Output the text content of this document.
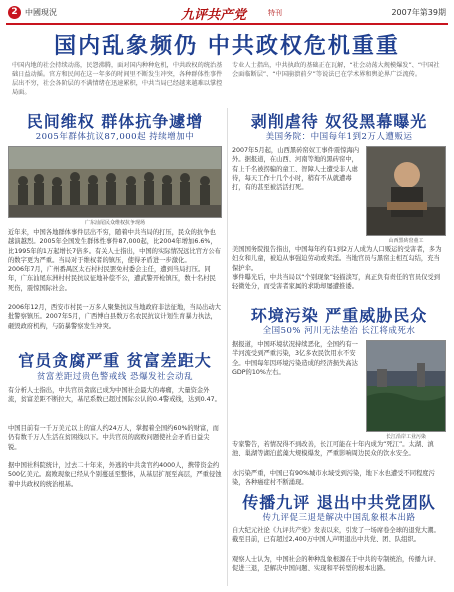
2 中國現況	九评共产党	特刊	2007年第39期
国内乱象频仍 中共政权危机重重
中国内地的社会持续动荡，民怨沸腾，面对国内种种危机，中共政权的统治基础日益动摇。官方和民间在这一年多的时间里不断发生冲突，各种群体性事件层出不穷，社会各阶层的不满情绪在迅速累积，中共当局已经越来越难以掌控局面。
专业人士指出，中共执政的基础正在瓦解，“社会动荡大规模爆发”、“中国社会面临断层”、“中国崩溃前夕”等说法已在学术界和舆论界广泛流传。
民间维权 群体抗争遽增
2005年群体抗议87,000起 持续增加中
广东汕尾民众维权抗争现场
近年来，中国各地群体事件层出不穷，随着中共当局的打压，民众的抗争也越演越烈。2005年全国发生群体性事件87,000起，比2004年增加6.6%，比1995年的1万起增长7倍多。有关人士指出，中国的实际情况远比官方公布的数字更为严重。当局对于维权者的镇压，使得矛盾进一步激化。
2006年7月，广州番禺区太石村村民罢免村委会主任，遭到当局打压。同年，广东汕尾东洲村村民抗议征地补偿不公，遭武警开枪镇压，数十名村民死伤，震惊国际社会。
2006年12月，西安市村民一万多人聚集抗议当地政府非法征地，当局出动大批警察镇压。2007年5月，广西博白县数万名农民抗议计划生育暴力执法，砸毁政府机构，与防暴警察发生冲突。
官员贪腐严重 贫富差距大
贫富差距过贵色警戒线 恐爆发社会动乱
有分析人士指出，中共官员贪腐已成为中国社会最大的毒瘤，大量资金外流，贫富差距不断拉大，基尼系数已超过国际公认的0.4警戒线，达到0.47。
中国目前有一千万美元以上的富人约24万人，掌握着全国约60%的财富，而仍有数千万人生活在贫困线以下。中共官员的腐败问题使社会矛盾日益尖锐。
据中国社科院统计，过去二十年来，外逃的中共贪官约4000人，携带资金约500亿美元。腐败现象已经从个别蔓延至整体，从基层扩展至高层，严重侵蚀着中共政权的统治根基。
剥削虐待 奴役黑幕曝光
美国务院：中国每年1到2万人遭贩运
2007年5月起，山西黑砖窑奴工事件震惊海内外。据报道，在山西、河南等地的黑砖窑中，有上千名被拐骗的童工、智障人士遭受非人虐待，每天工作十几个小时，稍有不从就遭毒打，有的甚至被活活打死。
山西黑砖窑童工
美国国务院报告指出，中国每年约有1到2万人成为人口贩运的受害者，多为妇女和儿童，被迫从事强迫劳动或卖淫。当地官员与黑窑主相互勾结，充当保护伞。
事件曝光后，中共当局以“个别现象”轻描淡写，真正负有责任的官员仅受到轻微处分，而受害者家属的求助却屡遭推诿。
环境污染 严重威胁民众
全国50% 河川无法垫治 长江将成死水
据报道，中国环境状况持续恶化，全国约有一半河流受到严重污染，3亿多农民饮用水不安全。中国每年因环境污染造成的经济损失高达GDP的10%左右。
长江沿岸工业污染
专家警告，若情况得不到改善，长江可能在十年内成为“死江”。太湖、滇池、巢湖等湖泊蓝藻大规模爆发，严重影响周边民众的饮水安全。
水污染严重，中国已有90%城市水域受到污染，地下水也遭受不同程度污染，各种癌症村不断涌现。
传播九评 退出中共党团队
传九评促三退是解决中国乱象根本出路
自大纪元社论《九评共产党》发表以来，引发了一场席卷全球的退党大潮。截至目前，已有超过2,400万中国人声明退出中共党、团、队组织。
观察人士认为，中国社会的种种乱象根源在于中共的专制统治，传播九评、促进三退，是解决中国问题、实现和平转型的根本出路。
